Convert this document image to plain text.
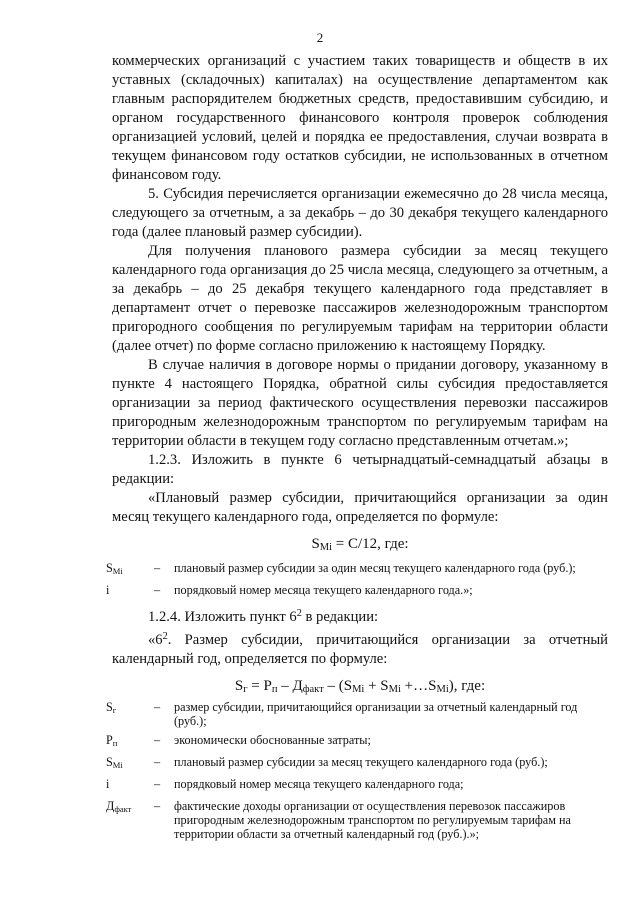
2

коммерческих организаций с участием таких товариществ и обществ в их уставных (складочных) капиталах) на осуществление департаментом как главным распорядителем бюджетных средств, предоставившим субсидию, и органом государственного финансового контроля проверок соблюдения организацией условий, целей и порядка ее предоставления, случаи возврата в текущем финансовом году остатков субсидии, не использованных в отчетном финансовом году.

5. Субсидия перечисляется организации ежемесячно до 28 числа месяца, следующего за отчетным, а за декабрь – до 30 декабря текущего календарного года (далее плановый размер субсидии).

Для получения планового размера субсидии за месяц текущего календарного года организация до 25 числа месяца, следующего за отчетным, а за декабрь – до 25 декабря текущего календарного года представляет в департамент отчет о перевозке пассажиров железнодорожным транспортом пригородного сообщения по регулируемым тарифам на территории области (далее отчет) по форме согласно приложению к настоящему Порядку.

В случае наличия в договоре нормы о придании договору, указанному в пункте 4 настоящего Порядка, обратной силы субсидия предоставляется организации за период фактического осуществления перевозки пассажиров пригородным железнодорожным транспортом по регулируемым тарифам на территории области в текущем году согласно представленным отчетам.»;

1.2.3. Изложить в пункте 6 четырнадцатый-семнадцатый абзацы в редакции:

«Плановый размер субсидии, причитающийся организации за один месяц текущего календарного года, определяется по формуле:

$S_{Mi} = C/12$, где:

$S_{Mi}$	–	плановый размер субсидии за один месяц текущего календарного года (руб.);
i	–	порядковый номер месяца текущего календарного года.»;

1.2.4. Изложить пункт $6^2$ в редакции:

«$6^2$. Размер субсидии, причитающийся организации за отчетный календарный год, определяется по формуле:

$S_г = P_п - Д_{факт} - (S_{Mi} + S_{Mi}$ $+\dots S_{Mi}$), где:

$S_г$	–	размер субсидии, причитающийся организации за отчетный календарный год (руб.);
$P_п$	–	экономически обоснованные затраты;
$S_{Mi}$	–	плановый размер субсидии за месяц текущего календарного года (руб.);
i	–	порядковый номер месяца текущего календарного года;
$Д_{факт}$	–	фактические доходы организации от осуществления перевозок пассажиров пригородным железнодорожным транспортом по регулируемым тарифам на территории области за отчетный календарный год (руб.).»;
